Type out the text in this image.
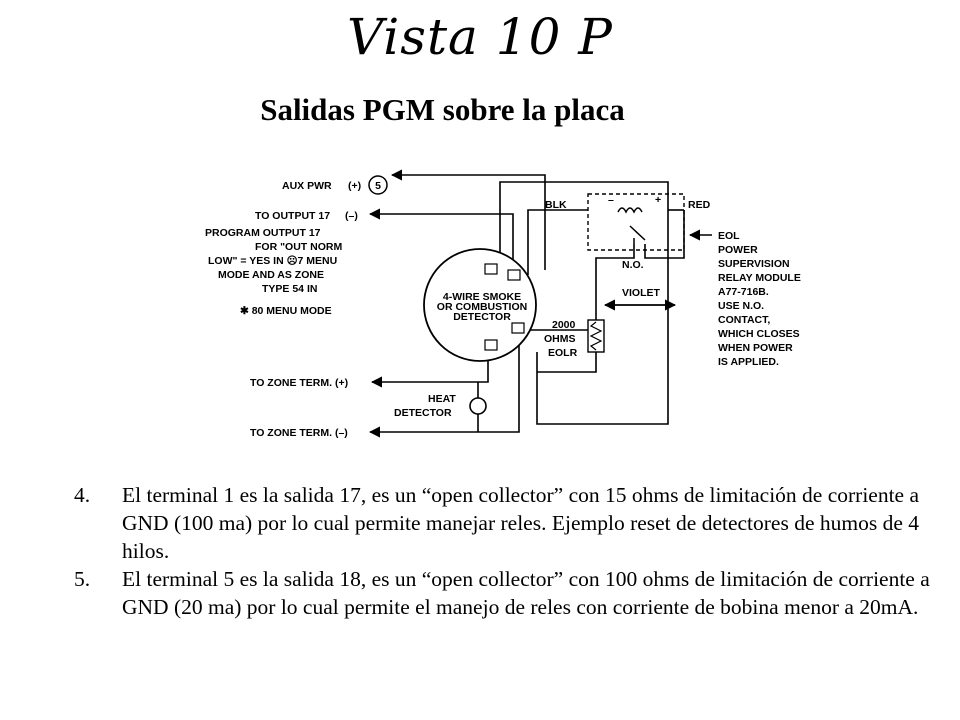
Vista 10 P
Salidas PGM sobre la placa
5
AUX PWR (+)
TO OUTPUT 17 (–)
PROGRAM OUTPUT 17
FOR "OUT NORM
LOW" = YES IN ☹7 MENU
MODE AND AS ZONE
TYPE 54 IN
✱ 80 MENU MODE
4-WIRE SMOKE
OR COMBUSTION
DETECTOR
BLK	RED
N.O.
VIOLET
–	+
2000
OHMS
EOLR
EOL
POWER
SUPERVISION
RELAY MODULE
A77-716B.
USE N.O.
CONTACT,
WHICH CLOSES
WHEN POWER
IS APPLIED.
TO ZONE TERM. (+)
TO ZONE TERM. (–)
HEAT
DETECTOR
4.	El terminal 1 es la salida 17, es un “open collector” con 15 ohms de limitación de corriente a GND (100 ma) por lo cual permite manejar reles. Ejemplo reset de detectores de humos de 4 hilos.
5.	El terminal 5 es la salida 18, es un “open collector” con 100 ohms de limitación de corriente a GND (20 ma) por lo cual permite el manejo de reles con corriente de bobina menor a 20mA.
